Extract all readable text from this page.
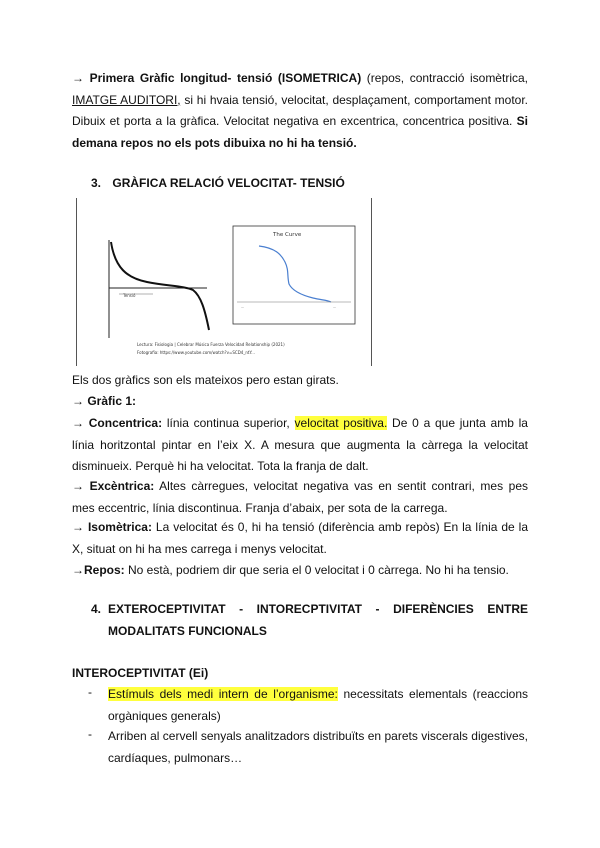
→ Primera Gràfic longitud- tensió (ISOMETRICA) (repos, contracció isomètrica, IMATGE AUDITORI, si hi hvaia tensió, velocitat, desplaçament, comportament motor. Dibuix et porta a la gràfica. Velocitat negativa en excentrica, concentrica positiva. Si demana repos no els pots dibuixa no hi ha tensió.
3. GRÀFICA RELACIÓ VELOCITAT- TENSIÓ
Tensió
The Curve
—	—
Lectura: Fisiologia | Celebrar Música Fuerza Velocidad Relationship (2021)
Fotografia: https://www.youtube.com/watch?v=SCD4_ntY...
Els dos gràfics son els mateixos pero estan girats.
→ Gràfic 1:
→ Concentrica: línia continua superior, velocitat positiva. De 0 a que junta amb la línia horitzontal pintar en l’eix X. A mesura que augmenta la càrrega la velocitat disminueix. Perquè hi ha velocitat. Tota la franja de dalt.
→ Excèntrica: Altes càrregues, velocitat negativa vas en sentit contrari, mes pes mes eccentric, línia discontinua. Franja d’abaix, per sota de la carrega.
→ Isomètrica: La velocitat és 0, hi ha tensió (diferència amb repòs) En la línia de la X, situat on hi ha mes carrega i menys velocitat.
→Repos: No està, podriem dir que seria el 0 velocitat i 0 càrrega. No hi ha tensio.
4. EXTEROCEPTIVITAT - INTORECPTIVITAT - DIFERÈNCIES ENTRE
MODALITATS FUNCIONALS
INTEROCEPTIVITAT (Ei)
- Estímuls dels medi intern de l’organisme: necessitats elementals (reaccions orgàniques generals)
- Arriben al cervell senyals analitzadors distribuïts en parets viscerals digestives, cardíaques, pulmonars…
